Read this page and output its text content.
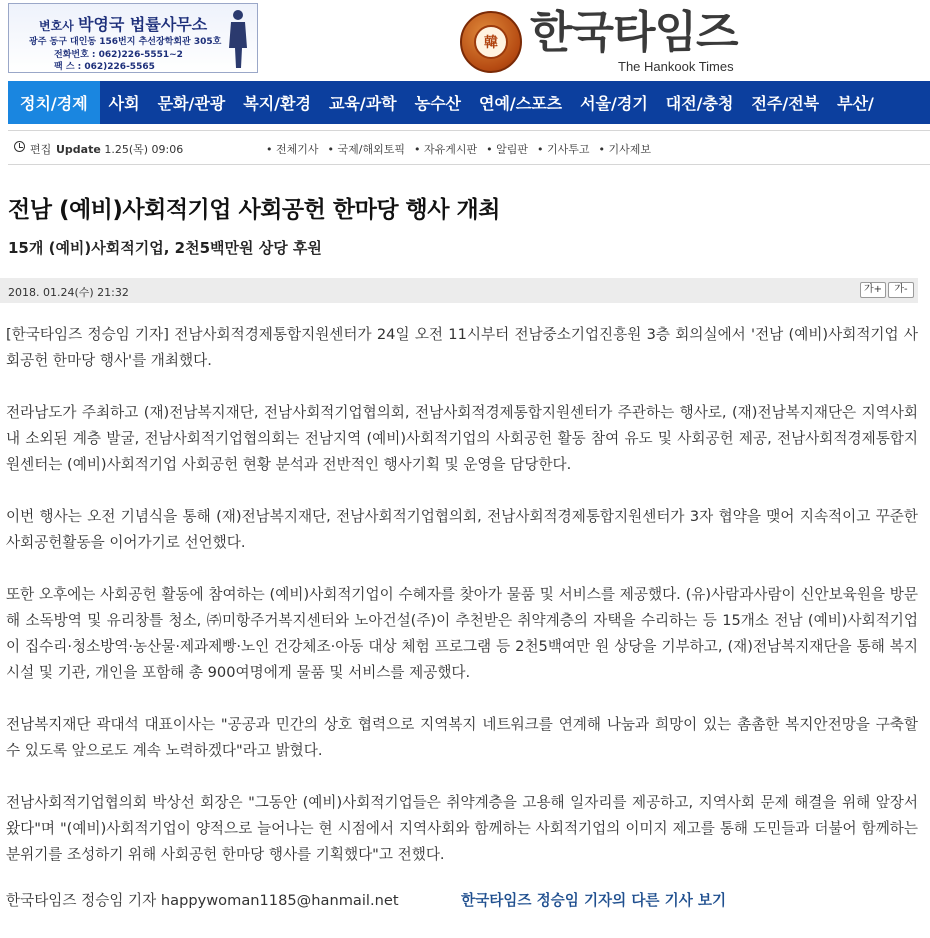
변호사 박영국 법률사무소
광주 동구 대인동 156번지 추선장학회관 305호
전화번호 : 062)226-5551~2
팩 스 : 062)226-5565
韓 한국타임즈
The Hankook Times
정치/경제	사회	문화/관광	복지/환경	교육/과학	농수산	연예/스포츠	서울/경기	대전/충청	전주/전북	부산/
편집 Update 1.25(목) 09:06	• 전체기사 • 국제/해외토픽 • 자유게시판 • 알림판 • 기사투고 • 기사제보
전남 (예비)사회적기업 사회공헌 한마당 행사 개최
15개 (예비)사회적기업, 2천5백만원 상당 후원
2018. 01.24(수) 21:32	가+	가-

[한국타임즈 정승임 기자] 전남사회적경제통합지원센터가 24일 오전 11시부터 전남중소기업진흥원 3층 회의실에서 '전남 (예비)사회적기업 사회공헌 한마당 행사'를 개최했다.

전라남도가 주최하고 (재)전남복지재단, 전남사회적기업협의회, 전남사회적경제통합지원센터가 주관하는 행사로, (재)전남복지재단은 지역사회 내 소외된 계층 발굴, 전남사회적기업협의회는 전남지역 (예비)사회적기업의 사회공헌 활동 참여 유도 및 사회공헌 제공, 전남사회적경제통합지원센터는 (예비)사회적기업 사회공헌 현황 분석과 전반적인 행사기획 및 운영을 담당한다.

이번 행사는 오전 기념식을 통해 (재)전남복지재단, 전남사회적기업협의회, 전남사회적경제통합지원센터가 3자 협약을 맺어 지속적이고 꾸준한 사회공헌활동을 이어가기로 선언했다.

또한 오후에는 사회공헌 활동에 참여하는 (예비)사회적기업이 수혜자를 찾아가 물품 및 서비스를 제공했다. (유)사람과사람이 신안보육원을 방문해 소독방역 및 유리창틀 청소, ㈜미항주거복지센터와 노아건설(주)이 추천받은 취약계층의 자택을 수리하는 등 15개소 전남 (예비)사회적기업이 집수리·청소방역·농산물·제과제빵·노인 건강체조·아동 대상 체험 프로그램 등 2천5백여만 원 상당을 기부하고, (재)전남복지재단을 통해 복지시설 및 기관, 개인을 포함해 총 900여명에게 물품 및 서비스를 제공했다.

전남복지재단 곽대석 대표이사는 "공공과 민간의 상호 협력으로 지역복지 네트워크를 연계해 나눔과 희망이 있는 촘촘한 복지안전망을 구축할 수 있도록 앞으로도 계속 노력하겠다"라고 밝혔다.

전남사회적기업협의회 박상선 회장은 "그동안 (예비)사회적기업들은 취약계층을 고용해 일자리를 제공하고, 지역사회 문제 해결을 위해 앞장서왔다"며 "(예비)사회적기업이 양적으로 늘어나는 현 시점에서 지역사회와 함께하는 사회적기업의 이미지 제고를 통해 도민들과 더불어 함께하는 분위기를 조성하기 위해 사회공헌 한마당 행사를 기획했다"고 전했다.

한국타임즈 정승임 기자 happywoman1185@hanmail.net	한국타임즈 정승임 기자의 다른 기사 보기
